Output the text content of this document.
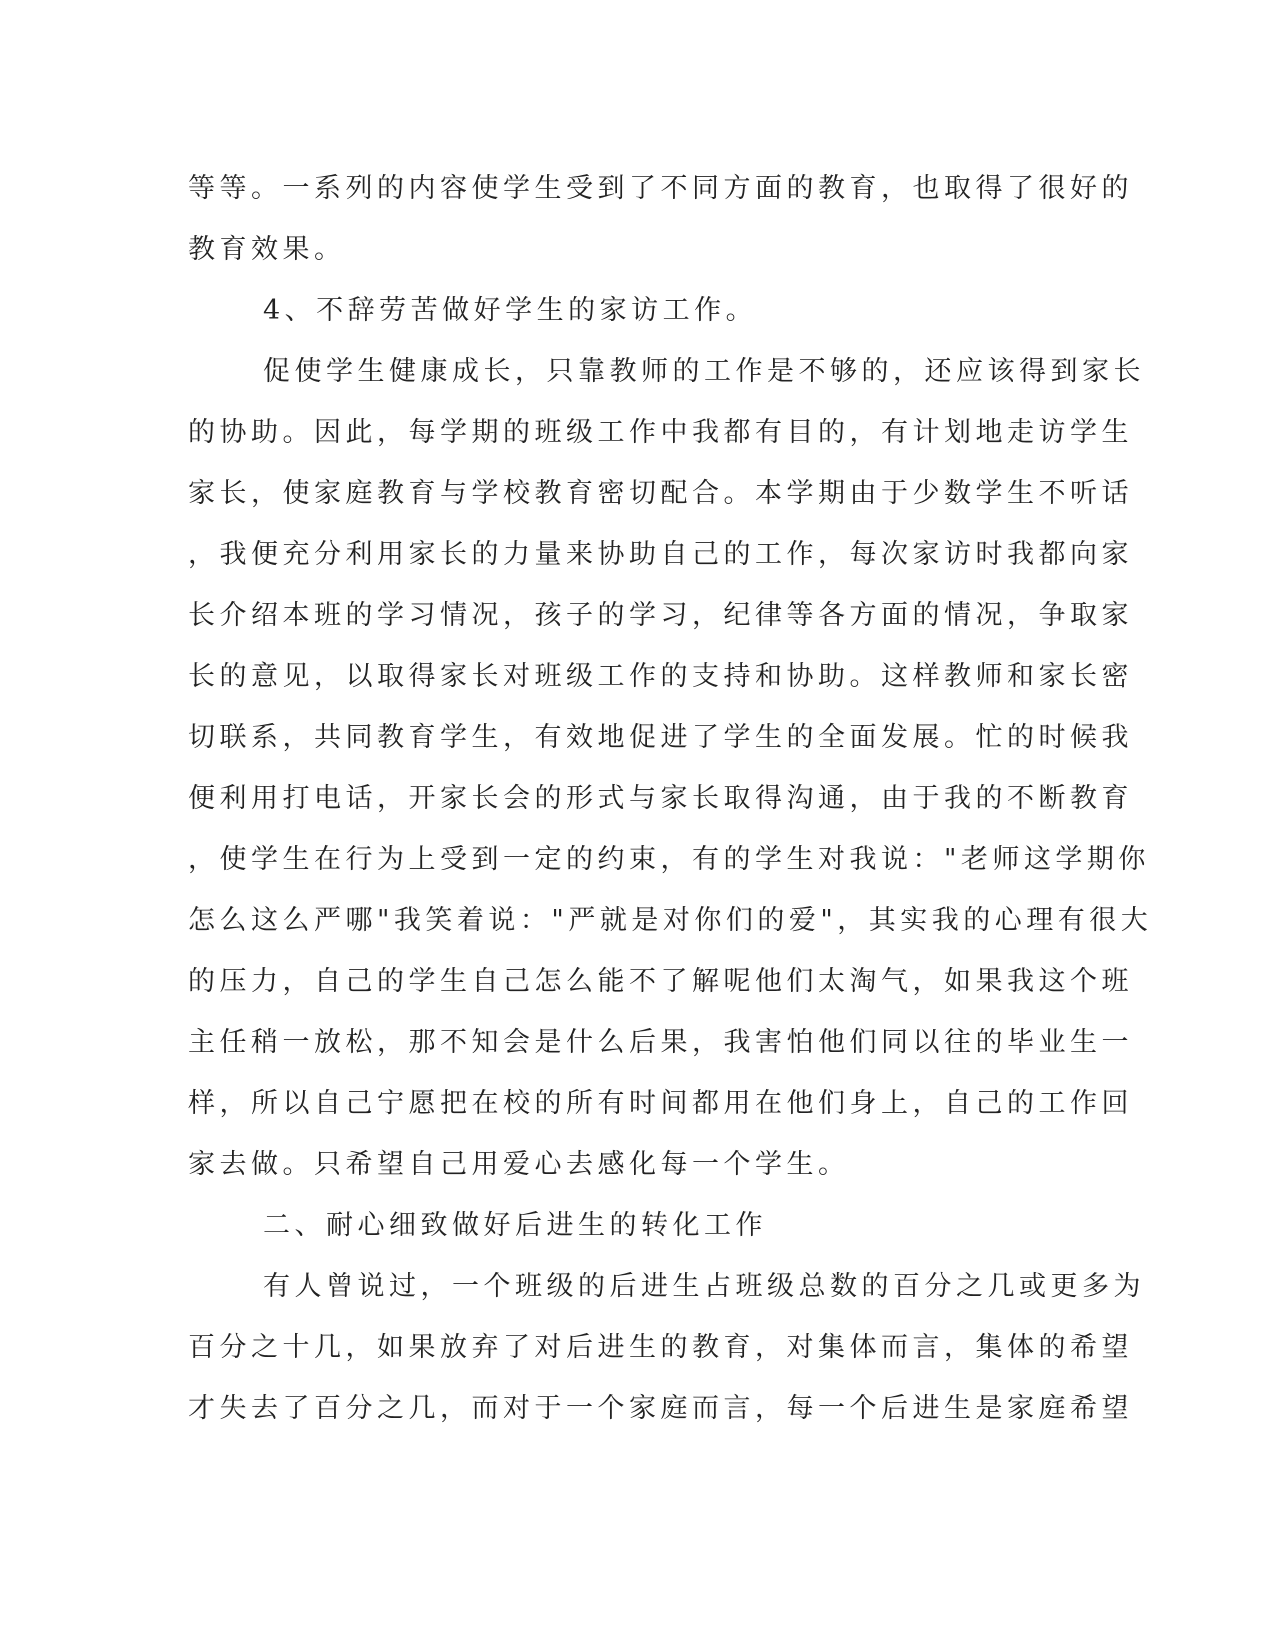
等等。一系列的内容使学生受到了不同方面的教育，也取得了很好的
教育效果。
4、不辞劳苦做好学生的家访工作。
促使学生健康成长，只靠教师的工作是不够的，还应该得到家长
的协助。因此，每学期的班级工作中我都有目的，有计划地走访学生
家长，使家庭教育与学校教育密切配合。本学期由于少数学生不听话
，我便充分利用家长的力量来协助自己的工作，每次家访时我都向家
长介绍本班的学习情况，孩子的学习，纪律等各方面的情况，争取家
长的意见，以取得家长对班级工作的支持和协助。这样教师和家长密
切联系，共同教育学生，有效地促进了学生的全面发展。忙的时候我
便利用打电话，开家长会的形式与家长取得沟通，由于我的不断教育
，使学生在行为上受到一定的约束，有的学生对我说："老师这学期你
怎么这么严哪"我笑着说："严就是对你们的爱"，其实我的心理有很大
的压力，自己的学生自己怎么能不了解呢他们太淘气，如果我这个班
主任稍一放松，那不知会是什么后果，我害怕他们同以往的毕业生一
样，所以自己宁愿把在校的所有时间都用在他们身上，自己的工作回
家去做。只希望自己用爱心去感化每一个学生。
二、耐心细致做好后进生的转化工作
有人曾说过，一个班级的后进生占班级总数的百分之几或更多为
百分之十几，如果放弃了对后进生的教育，对集体而言，集体的希望
才失去了百分之几，而对于一个家庭而言，每一个后进生是家庭希望
